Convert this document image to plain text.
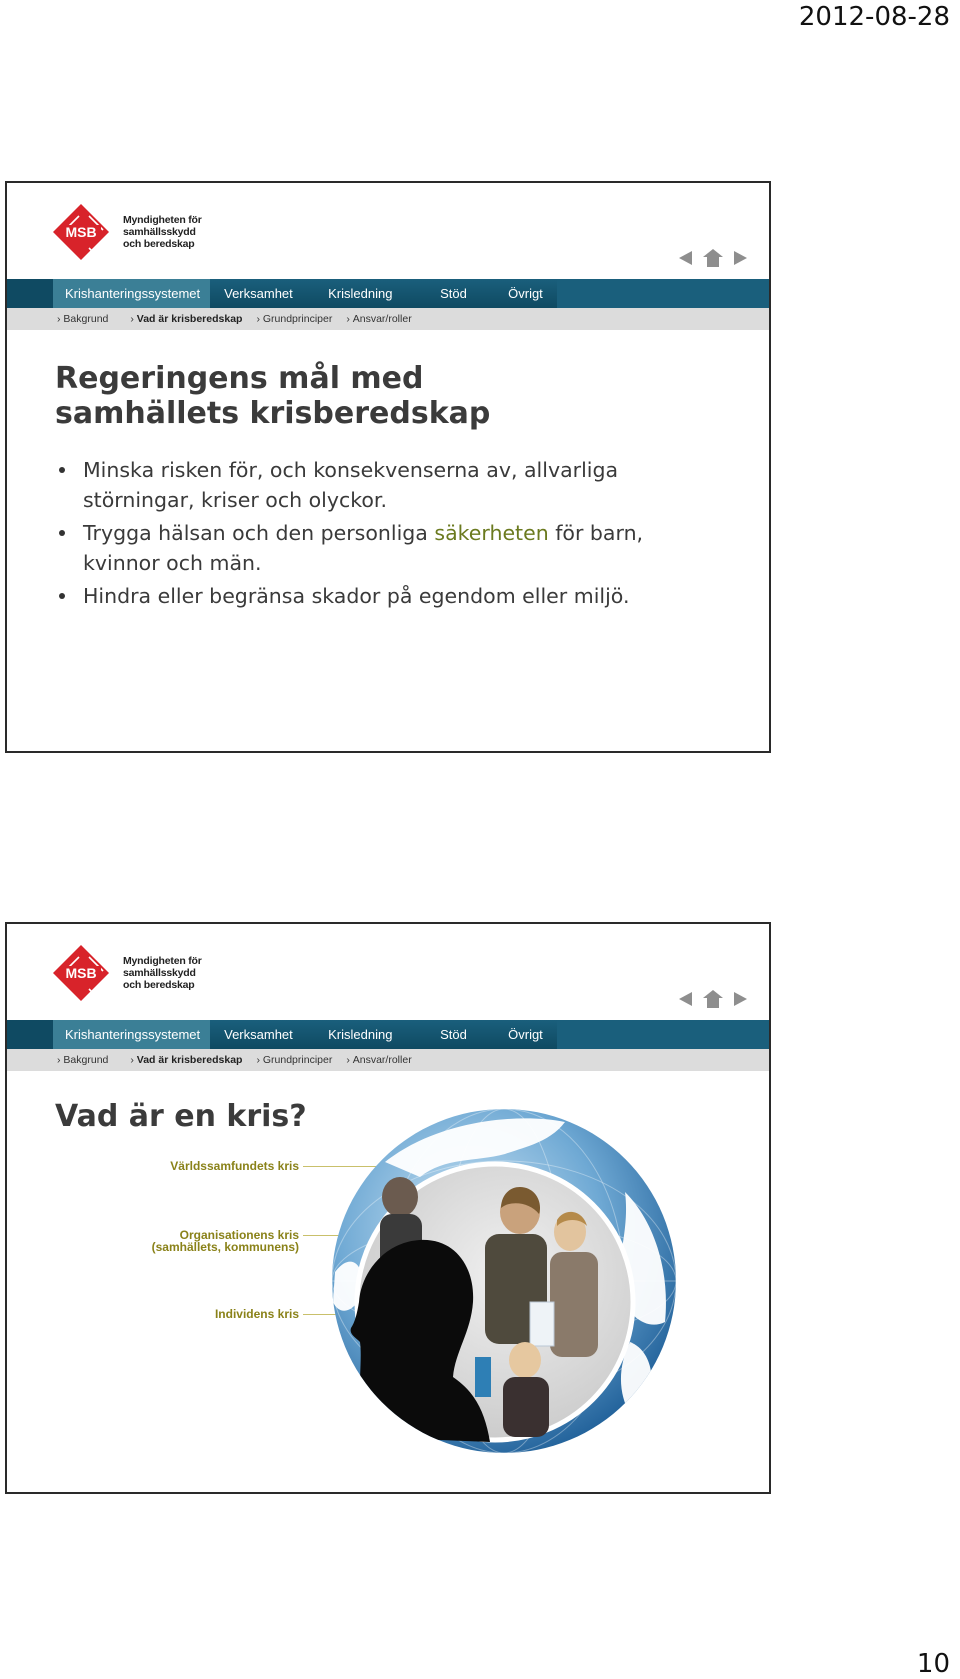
2012-08-28
MSB
Myndigheten för
samhällsskydd
och beredskap
Krishanteringssystemet	Verksamhet	Krisledning	Stöd	Övrigt
› Bakgrund › Vad är krisberedskap › Grundprinciper › Ansvar/roller
Regeringens mål med
samhällets krisberedskap
Minska risken för, och konsekvenserna av, allvarliga störningar, kriser och olyckor.
Trygga hälsan och den personliga säkerheten för barn, kvinnor och män.
Hindra eller begränsa skador på egendom eller miljö.
MSB
Myndigheten för
samhällsskydd
och beredskap
Krishanteringssystemet	Verksamhet	Krisledning	Stöd	Övrigt
› Bakgrund › Vad är krisberedskap › Grundprinciper › Ansvar/roller
Vad är en kris?
Världssamfundets kris
Organisationens kris
(samhällets, kommunens)
Individens kris
10
